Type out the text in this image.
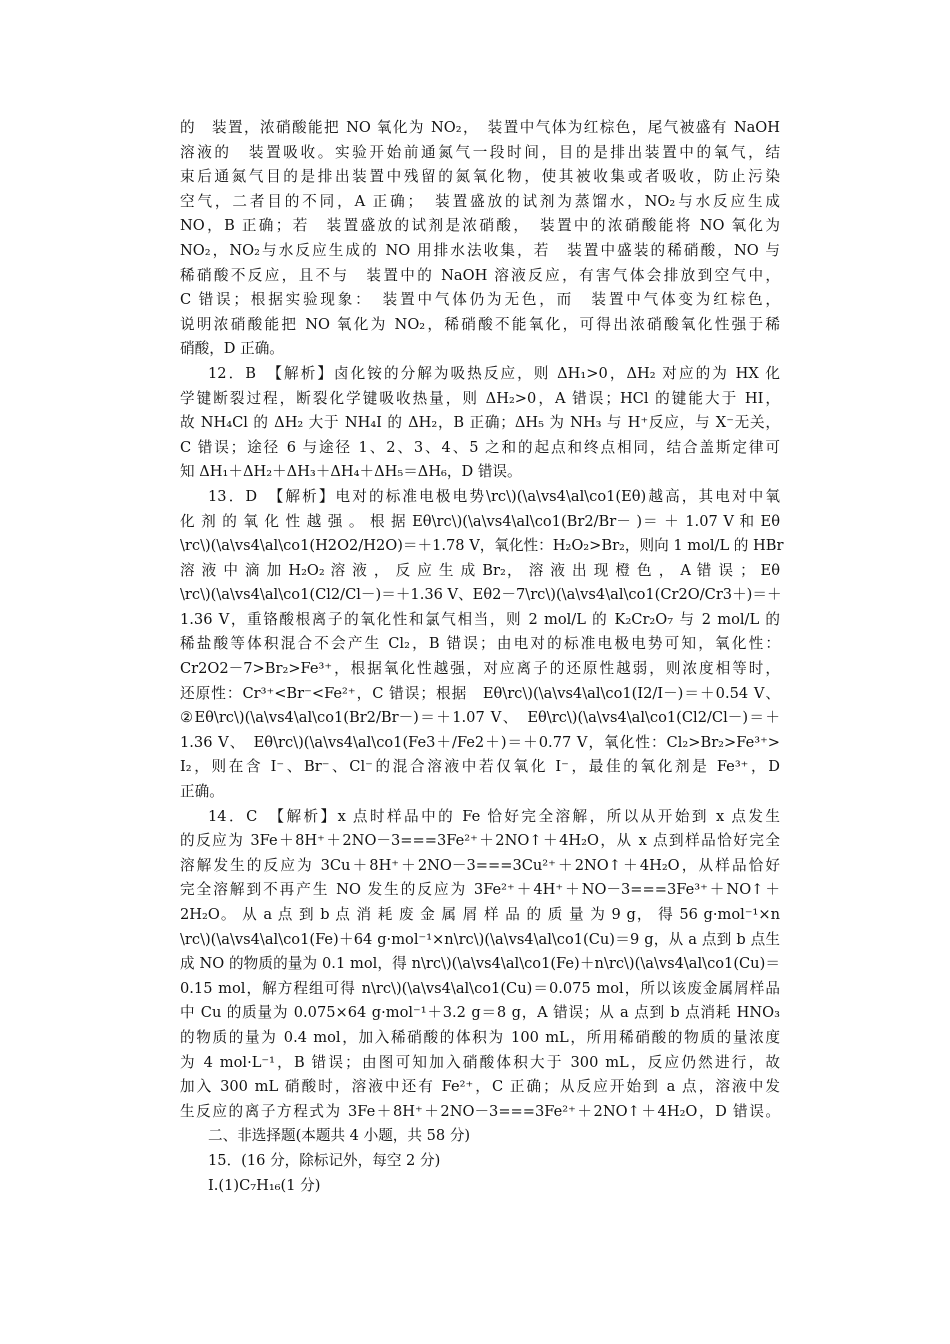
的　装置，浓硝酸能把 NO 氧化为 NO₂，　装置中气体为红棕色，尾气被盛有 NaOH
溶液的　装置吸收。实验开始前通氮气一段时间，目的是排出装置中的氧气，结
束后通氮气目的是排出装置中残留的氮氧化物，使其被收集或者吸收，防止污染
空气，二者目的不同，A 正确；　装置盛放的试剂为蒸馏水，NO₂与水反应生成
NO，B 正确；若　装置盛放的试剂是浓硝酸，　装置中的浓硝酸能将 NO 氧化为
NO₂，NO₂与水反应生成的 NO 用排水法收集，若　装置中盛装的稀硝酸，NO 与
稀硝酸不反应，且不与　装置中的 NaOH 溶液反应，有害气体会排放到空气中，
C 错误；根据实验现象：　装置中气体仍为无色，而　装置中气体变为红棕色，
说明浓硝酸能把 NO 氧化为 NO₂，稀硝酸不能氧化，可得出浓硝酸氧化性强于稀
硝酸，D 正确。
12．B　【解析】卤化铵的分解为吸热反应，则 ΔH₁>0，ΔH₂ 对应的为 HX 化
学键断裂过程，断裂化学键吸收热量，则 ΔH₂>0，A 错误；HCl 的键能大于 HI，
故 NH₄Cl 的 ΔH₂ 大于 NH₄I 的 ΔH₂，B 正确；ΔH₅ 为 NH₃ 与 H⁺反应，与 X⁻无关，
C 错误；途径 6 与途径 1、2、3、4、5 之和的起点和终点相同，结合盖斯定律可
知 ΔH₁＋ΔH₂＋ΔH₃＋ΔH₄＋ΔH₅＝ΔH₆，D 错误。
13．D　【解析】电对的标准电极电势\rc\)(\a\vs4\al\co1(Eθ)越高，其电对中氧
化 剂 的 氧 化 性 越 强 。 根 据 Eθ\rc\)(\a\vs4\al\co1(Br2/Br－ )＝ ＋ 1.07 V 和 Eθ
\rc\)(\a\vs4\al\co1(H2O2/H2O)＝＋1.78 V，氧化性：H₂O₂>Br₂，则向 1 mol/L 的 HBr
溶 液 中 滴 加 H₂O₂ 溶 液 ， 反 应 生 成 Br₂， 溶 液 出 现 橙 色 ， A 错 误 ； Eθ
\rc\)(\a\vs4\al\co1(Cl2/Cl－)＝＋1.36 V、Eθ2－7\rc\)(\a\vs4\al\co1(Cr2O/Cr3＋)＝＋
1.36 V，重铬酸根离子的氧化性和氯气相当，则 2 mol/L 的 K₂Cr₂O₇ 与 2 mol/L 的
稀盐酸等体积混合不会产生 Cl₂，B 错误；由电对的标准电极电势可知，氧化性：
Cr2O2－7>Br₂>Fe³⁺，根据氧化性越强，对应离子的还原性越弱，则浓度相等时，
还原性：Cr³⁺<Br⁻<Fe²⁺，C 错误；根据　Eθ\rc\)(\a\vs4\al\co1(I2/I－)＝＋0.54 V、
②Eθ\rc\)(\a\vs4\al\co1(Br2/Br－)＝＋1.07 V、　Eθ\rc\)(\a\vs4\al\co1(Cl2/Cl－)＝＋
1.36 V、　Eθ\rc\)(\a\vs4\al\co1(Fe3＋/Fe2＋)＝＋0.77 V，氧化性：Cl₂>Br₂>Fe³⁺>
I₂，则在含 I⁻、Br⁻、Cl⁻的混合溶液中若仅氧化 I⁻，最佳的氧化剂是 Fe³⁺，D
正确。
14．C　【解析】x 点时样品中的 Fe 恰好完全溶解，所以从开始到 x 点发生
的反应为 3Fe＋8H⁺＋2NO－3===3Fe²⁺＋2NO↑＋4H₂O，从 x 点到样品恰好完全
溶解发生的反应为 3Cu＋8H⁺＋2NO－3===3Cu²⁺＋2NO↑＋4H₂O，从样品恰好
完全溶解到不再产生 NO 发生的反应为 3Fe²⁺＋4H⁺＋NO－3===3Fe³⁺＋NO↑＋
2H₂O。 从 a 点 到 b 点 消 耗 废 金 属 屑 样 品 的 质 量 为 9 g， 得 56 g·mol⁻¹×n
\rc\)(\a\vs4\al\co1(Fe)＋64 g·mol⁻¹×n\rc\)(\a\vs4\al\co1(Cu)＝9 g，从 a 点到 b 点生
成 NO 的物质的量为 0.1 mol，得 n\rc\)(\a\vs4\al\co1(Fe)＋n\rc\)(\a\vs4\al\co1(Cu)＝
0.15 mol，解方程组可得 n\rc\)(\a\vs4\al\co1(Cu)＝0.075 mol，所以该废金属屑样品
中 Cu 的质量为 0.075×64 g·mol⁻¹＋3.2 g＝8 g，A 错误；从 a 点到 b 点消耗 HNO₃
的物质的量为 0.4 mol，加入稀硝酸的体积为 100 mL，所用稀硝酸的物质的量浓度
为 4 mol·L⁻¹，B 错误；由图可知加入硝酸体积大于 300 mL，反应仍然进行，故
加入 300 mL 硝酸时，溶液中还有 Fe²⁺，C 正确；从反应开始到 a 点，溶液中发
生反应的离子方程式为 3Fe＋8H⁺＋2NO－3===3Fe²⁺＋2NO↑＋4H₂O，D 错误。
二、非选择题(本题共 4 小题，共 58 分)
15．(16 分，除标记外，每空 2 分)
Ⅰ.(1)C₇H₁₆(1 分)
